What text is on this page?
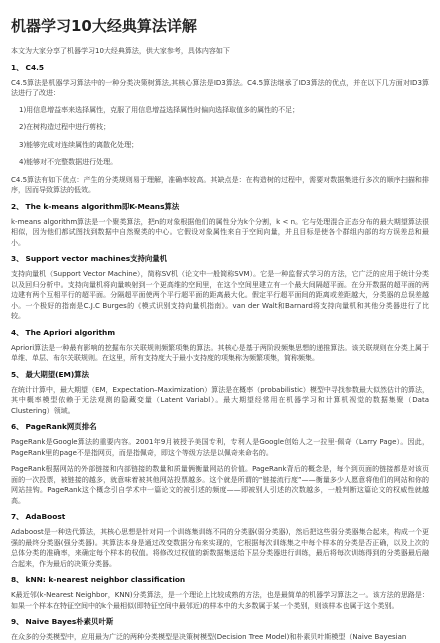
机器学习10大经典算法详解
本文为大家分享了机器学习10大经典算法，供大家参考，具体内容如下
1、 C4.5
C4.5算法是机器学习算法中的一种分类决策树算法,其核心算法是ID3算法。C4.5算法继承了ID3算法的优点，并在以下几方面对ID3算法进行了改进：
1)用信息增益率来选择属性，克服了用信息增益选择属性时偏向选择取值多的属性的不足；
2)在树构造过程中进行剪枝；
3)能够完成对连续属性的离散化处理；
4)能够对不完整数据进行处理。
C4.5算法有如下优点：产生的分类规则易于理解，准确率较高。其缺点是：在构造树的过程中，需要对数据集进行多次的顺序扫描和排序，因而导致算法的低效。
2、 The k-means algorithm即K-Means算法
k-means algorithm算法是一个聚类算法，把n的对象根据他们的属性分为k个分割，k < n。它与处理混合正态分布的最大期望算法很相似，因为他们都试图找到数据中自然聚类的中心。它假设对象属性来自于空间向量，并且目标是使各个群组内部的均方误差总和最小。
3、 Support vector machines支持向量机
支持向量机（Support Vector Machine），简称SV机（论文中一般简称SVM）。它是一种监督式学习的方法，它广泛的应用于统计分类以及回归分析中。支持向量机将向量映射到一个更高维的空间里，在这个空间里建立有一个最大间隔超平面。在分开数据的超平面的两边建有两个互相平行的超平面。分隔超平面使两个平行超平面的距离最大化。假定平行超平面间的距离或差距越大，分类器的总误差越小。一个极好的指南是C.J.C Burges的《模式识别支持向量机指南》。van der Walt和Barnard将支持向量机和其他分类器进行了比较。
4、 The Apriori algorithm
Apriori算法是一种最有影响的挖掘布尔关联规则频繁项集的算法。其核心是基于两阶段频集思想的递推算法。该关联规则在分类上属于单维、单层、布尔关联规则。在这里，所有支持度大于最小支持度的项集称为频繁项集，简称频集。
5、 最大期望(EM)算法
在统计计算中，最大期望（EM，Expectation–Maximization）算法是在概率（probabilistic）模型中寻找参数最大似然估计的算法，其中概率模型依赖于无法观测的隐藏变量（Latent Variabl）。最大期望经常用在机器学习和计算机视觉的数据集聚（Data Clustering）领域。
6、 PageRank网页排名
PageRank是Google算法的重要内容。2001年9月被授予美国专利，专利人是Google创始人之一拉里·佩奇（Larry Page）。因此，PageRank里的page不是指网页，而是指佩奇，即这个等级方法是以佩奇来命名的。
PageRank根据网站的外部链接和内部链接的数量和质量俩衡量网站的价值。PageRank背后的概念是，每个到页面的链接都是对该页面的一次投票，被链接的越多，就意味着被其他网站投票越多。这个就是所谓的“链接流行度”——衡量多少人愿意将他们的网站和你的网站挂钩。PageRank这个概念引自学术中一篇论文的被引述的频度——即被别人引述的次数越多，一般判断这篇论文的权威性就越高。
7、 AdaBoost
Adaboost是一种迭代算法，其核心思想是针对同一个训练集训练不同的分类器(弱分类器)，然后把这些弱分类器集合起来，构成一个更强的最终分类器(强分类器)。其算法本身是通过改变数据分布来实现的，它根据每次训练集之中每个样本的分类是否正确，以及上次的总体分类的准确率，来确定每个样本的权值。将修改过权值的新数据集送给下层分类器进行训练，最后将每次训练得到的分类器最后融合起来，作为最后的决策分类器。
8、 kNN: k-nearest neighbor classification
K最近邻(k-Nearest Neighbor，KNN)分类算法，是一个理论上比较成熟的方法，也是最简单的机器学习算法之一。该方法的思路是：如果一个样本在特征空间中的k个最相似(即特征空间中最邻近)的样本中的大多数属于某一个类别，则该样本也属于这个类别。
9、 Naive Bayes朴素贝叶斯
在众多的分类模型中，应用最为广泛的两种分类模型是决策树模型(Decision Tree Model)和朴素贝叶斯模型（Naive Bayesian
